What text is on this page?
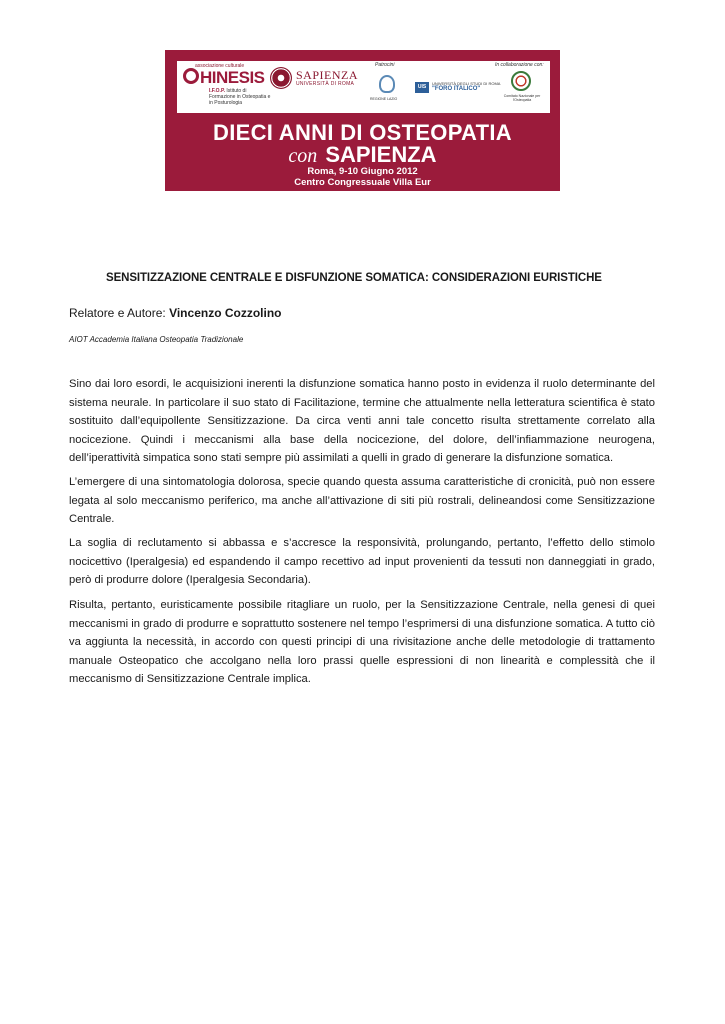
associazione culturale
HINESIS
I.F.O.P. Istituto di Formazione in Osteopatia e in Posturologia
SAPIENZA
UNIVERSITÀ DI ROMA
Patrocini
REGIONE LAZIO
UIS
UNIVERSITÀ DEGLI STUDI DI ROMA
"FORO ITALICO"
In collaborazione con:
Comitato Nazionale per l'Osteopatia
DIECI ANNI DI OSTEOPATIA
con SAPIENZA
Roma, 9-10 Giugno 2012
Centro Congressuale Villa Eur
SENSITIZZAZIONE CENTRALE E DISFUNZIONE SOMATICA: CONSIDERAZIONI EURISTICHE
Relatore e Autore: Vincenzo Cozzolino
AIOT Accademia Italiana Osteopatia Tradizionale
Sino dai loro esordi, le acquisizioni inerenti la disfunzione somatica hanno posto in evidenza il ruolo determinante del sistema neurale. In particolare il suo stato di Facilitazione, termine che attualmente nella letteratura scientifica è stato sostituito dall’equipollente Sensitizzazione. Da circa venti anni tale concetto risulta strettamente correlato alla nocicezione. Quindi i meccanismi alla base della nocicezione, del dolore, dell’infiammazione neurogena, dell’iperattività simpatica sono stati sempre più assimilati a quelli in grado di generare la disfunzione somatica.
L’emergere di una sintomatologia dolorosa, specie quando questa assuma caratteristiche di cronicità, può non essere legata al solo meccanismo periferico, ma anche all’attivazione di siti più rostrali, delineandosi come Sensitizzazione Centrale.
La soglia di reclutamento si abbassa e s’accresce la responsività, prolungando, pertanto, l’effetto dello stimolo nocicettivo (Iperalgesia) ed espandendo il campo recettivo ad input provenienti da tessuti non danneggiati in grado, però di produrre dolore (Iperalgesia Secondaria).
Risulta, pertanto, euristicamente possibile ritagliare un ruolo, per la Sensitizzazione Centrale, nella genesi di quei meccanismi in grado di produrre e soprattutto sostenere nel tempo l’esprimersi di una disfunzione somatica. A tutto ciò va aggiunta la necessità, in accordo con questi principi di una rivisitazione anche delle metodologie di trattamento manuale Osteopatico che accolgano nella loro prassi quelle espressioni di non linearità e complessità che il meccanismo di Sensitizzazione Centrale implica.
